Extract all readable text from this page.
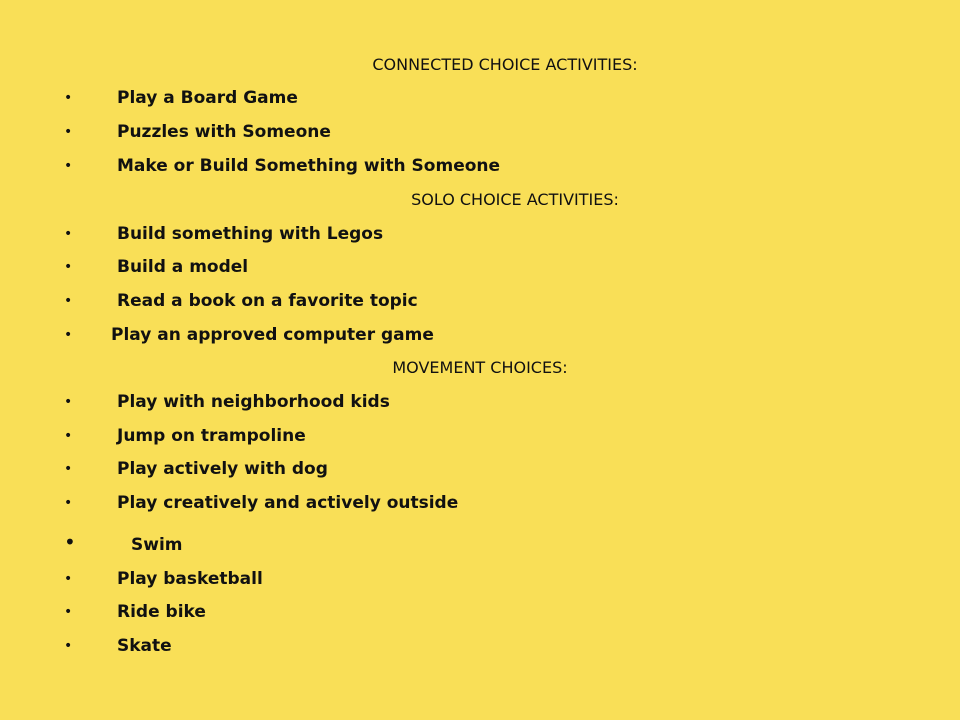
CONNECTED CHOICE ACTIVITIES:
•	Play a Board Game
•	Puzzles with Someone
•	Make or Build Something with Someone
SOLO CHOICE ACTIVITIES:
•	Build something with Legos
•	Build a model
•	Read a book on a favorite topic
• Play an approved computer game
MOVEMENT CHOICES:
•	Play with neighborhood kids
•	Jump on trampoline
•	Play actively with dog
•	Play creatively and actively outside
•	Swim
•	Play basketball
•	Ride bike
•	Skate
